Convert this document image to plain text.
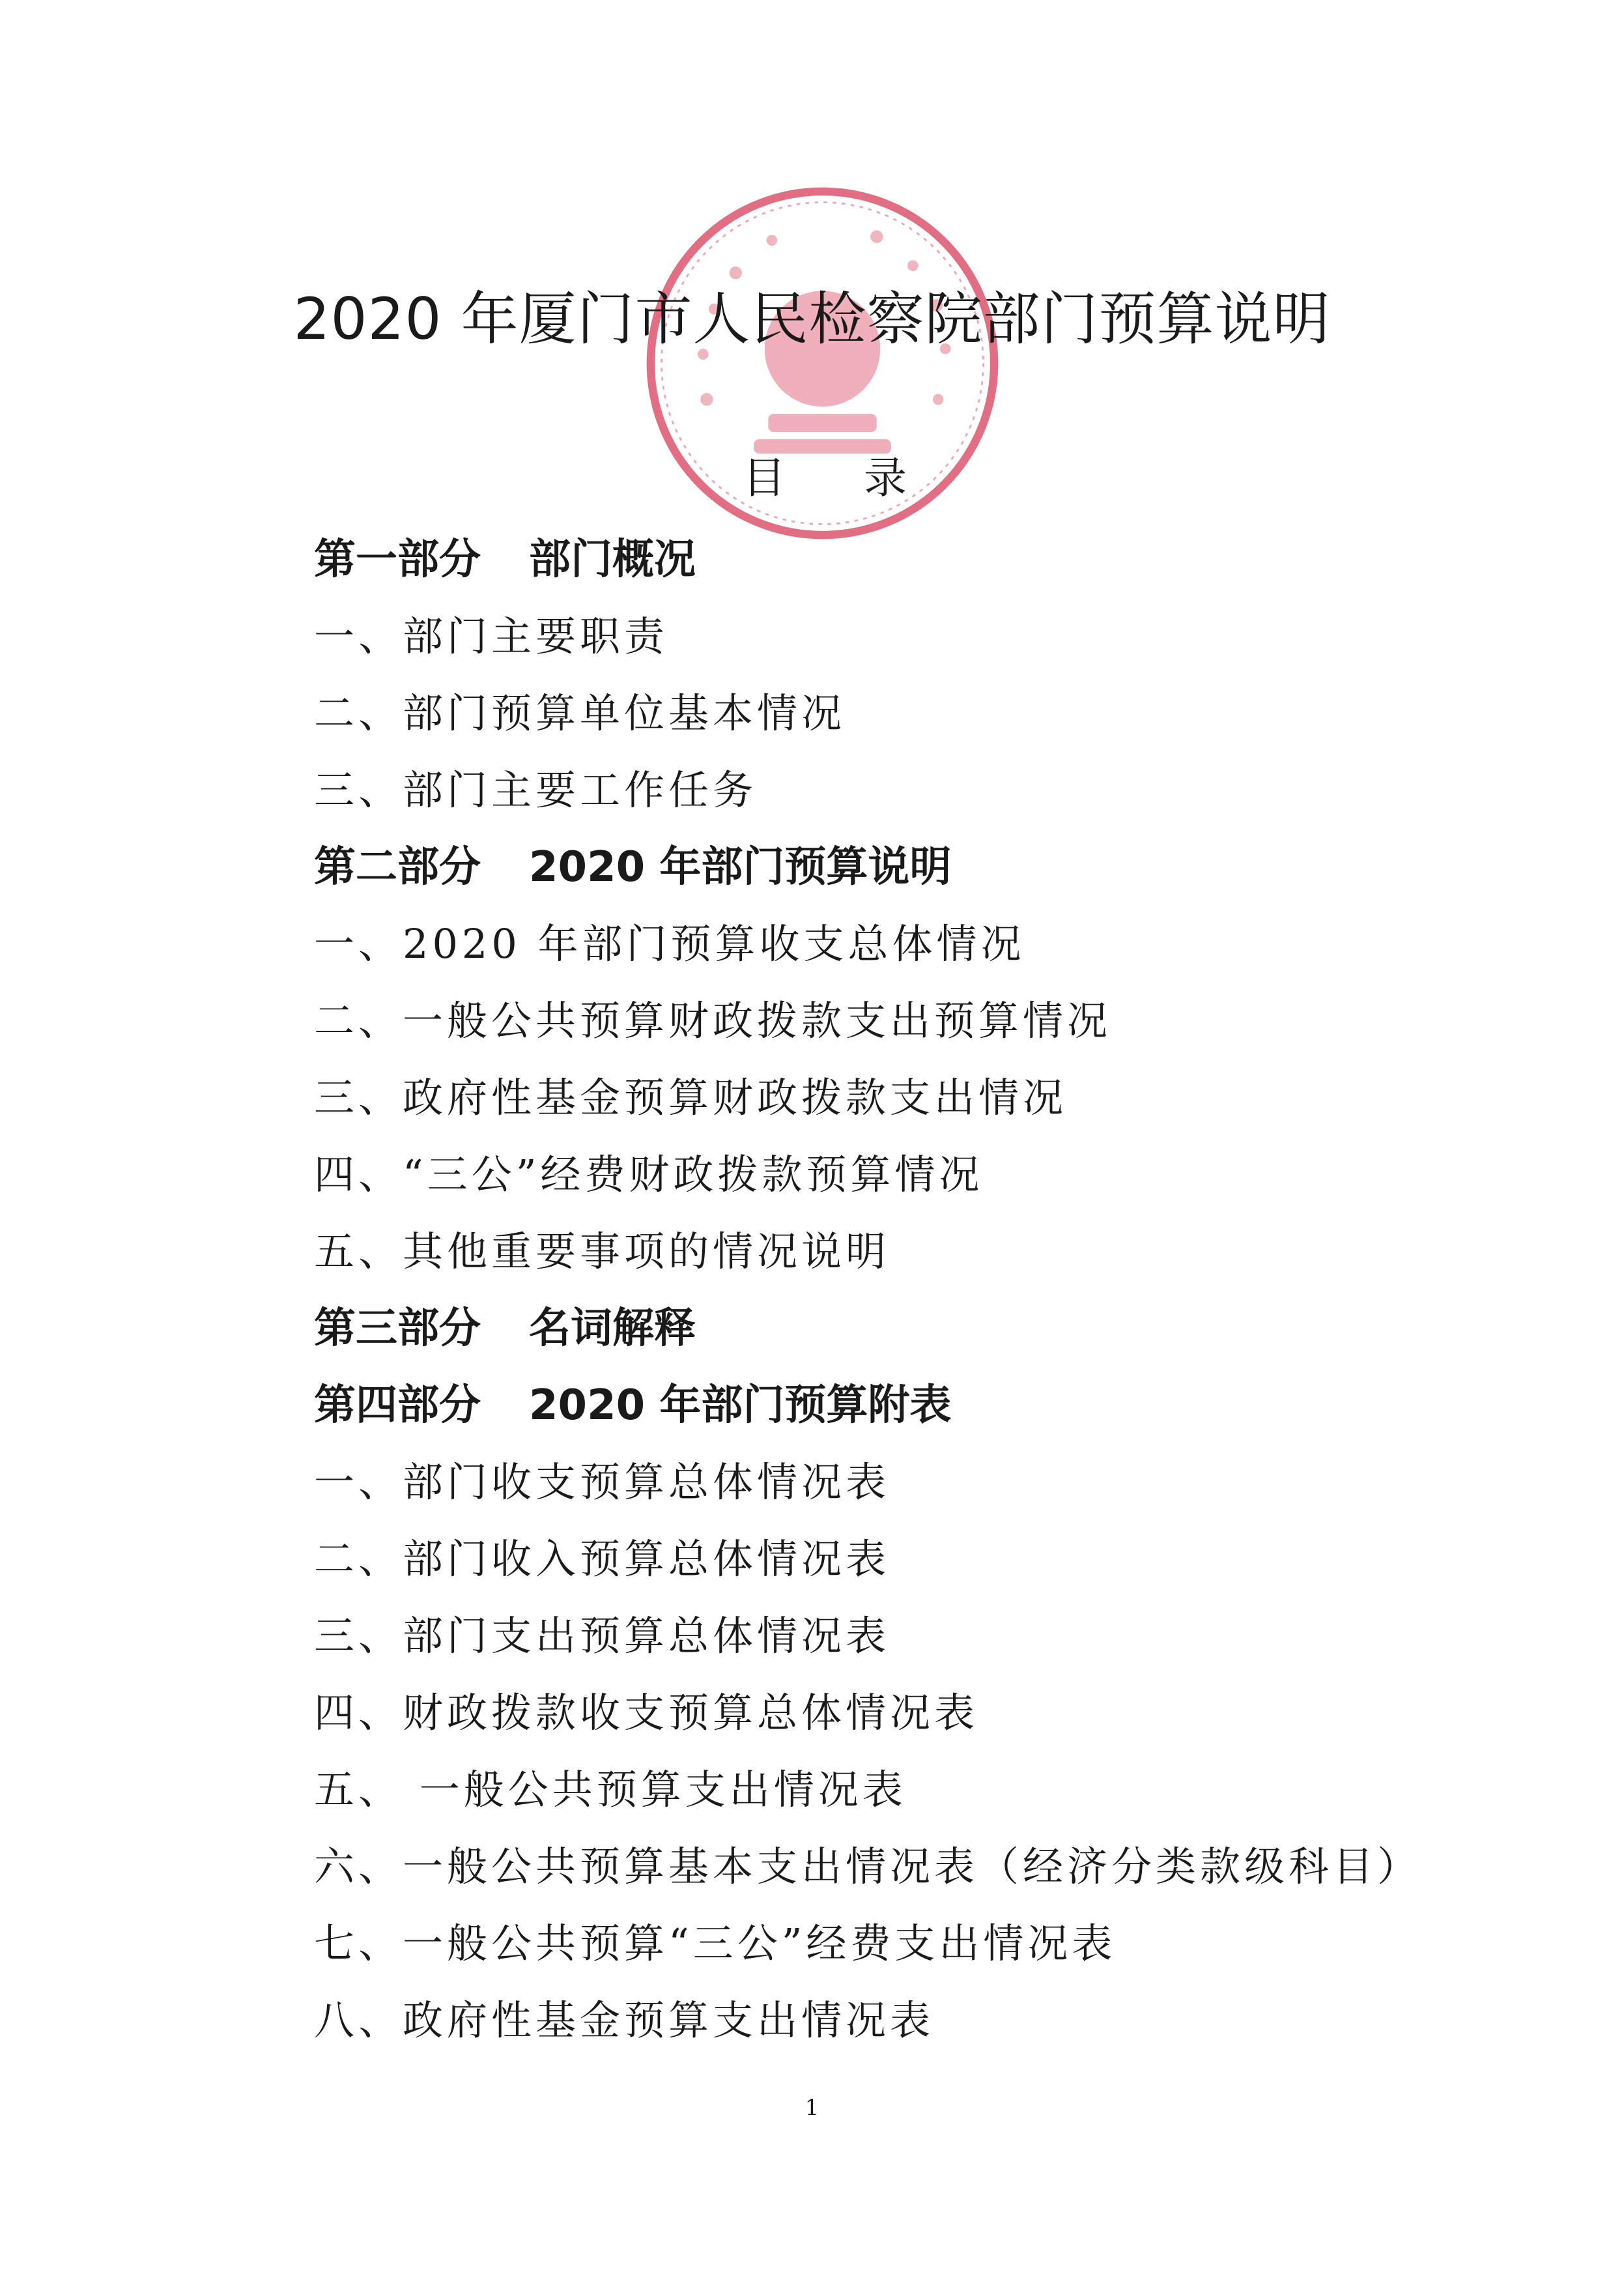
2020 年厦门市人民检察院部门预算说明
目录
第一部分 部门概况
一、部门主要职责
二、部门预算单位基本情况
三、部门主要工作任务
第二部分 2020 年部门预算说明
一、2020 年部门预算收支总体情况
二、一般公共预算财政拨款支出预算情况
三、政府性基金预算财政拨款支出情况
四、“三公”经费财政拨款预算情况
五、其他重要事项的情况说明
第三部分 名词解释
第四部分 2020 年部门预算附表
一、部门收支预算总体情况表
二、部门收入预算总体情况表
三、部门支出预算总体情况表
四、财政拨款收支预算总体情况表
五、 一般公共预算支出情况表
六、一般公共预算基本支出情况表（经济分类款级科目）
七、一般公共预算“三公”经费支出情况表
八、政府性基金预算支出情况表
1
